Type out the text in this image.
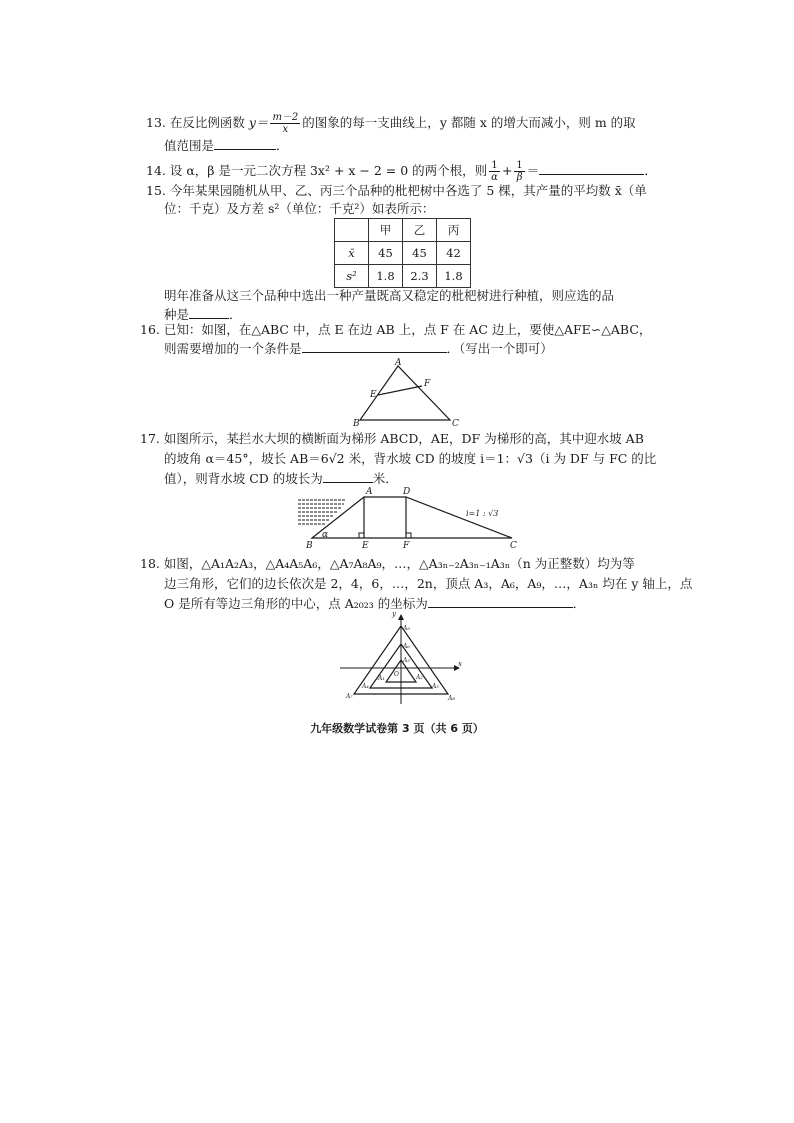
13. 在反比例函数 $y= \frac{m-2}{x}$ 的图象的每一支曲线上，y 都随 x 的增大而减小，则 m 的取
值范围是	．
14. 设 α，β 是一元二次方程 3x² + x − 2 = 0 的两个根，则 $\frac{1}{\alpha} + \frac{1}{\beta}$ ＝	．
15. 今年某果园随机从甲、乙、丙三个品种的枇杷树中各选了 5 棵，其产量的平均数 x̄（单
位：千克）及方差 s²（单位：千克²）如表所示：
	甲	乙	丙
x̄	45	45	42
s²	1.8	2.3	1.8
明年准备从这三个品种中选出一种产量既高又稳定的枇杷树进行种植，则应选的品
种是	．
16. 已知：如图，在△ABC 中，点 E 在边 AB 上，点 F 在 AC 边上，要使△AFE∽△ABC，
则需要增加的一个条件是	．（写出一个即可）
A
E
F
B	C
17. 如图所示，某拦水大坝的横断面为梯形 ABCD，AE，DF 为梯形的高，其中迎水坡 AB
的坡角 α＝45°，坡长 AB＝6√2 米，背水坡 CD 的坡度 i＝1：√3（i 为 DF 与 FC 的比
值），则背水坡 CD 的坡长为	米．
A	D
B	E	F	C
α
i=1 : √3
18. 如图，△A₁A₂A₃，△A₄A₅A₆，△A₇A₈A₉，…，△A₃ₙ₋₂A₃ₙ₋₁A₃ₙ（n 为正整数）均为等
边三角形，它们的边长依次是 2，4，6，…，2n，顶点 A₃，A₆，A₉，…，A₃ₙ 均在 y 轴上，点
O 是所有等边三角形的中心，点 A₂₀₂₃ 的坐标为	．
y
x
A₉
A₆
A₃
O
A₁	A₂
A₄	A₅
A₇	A₈
九年级数学试卷第 3 页（共 6 页）
